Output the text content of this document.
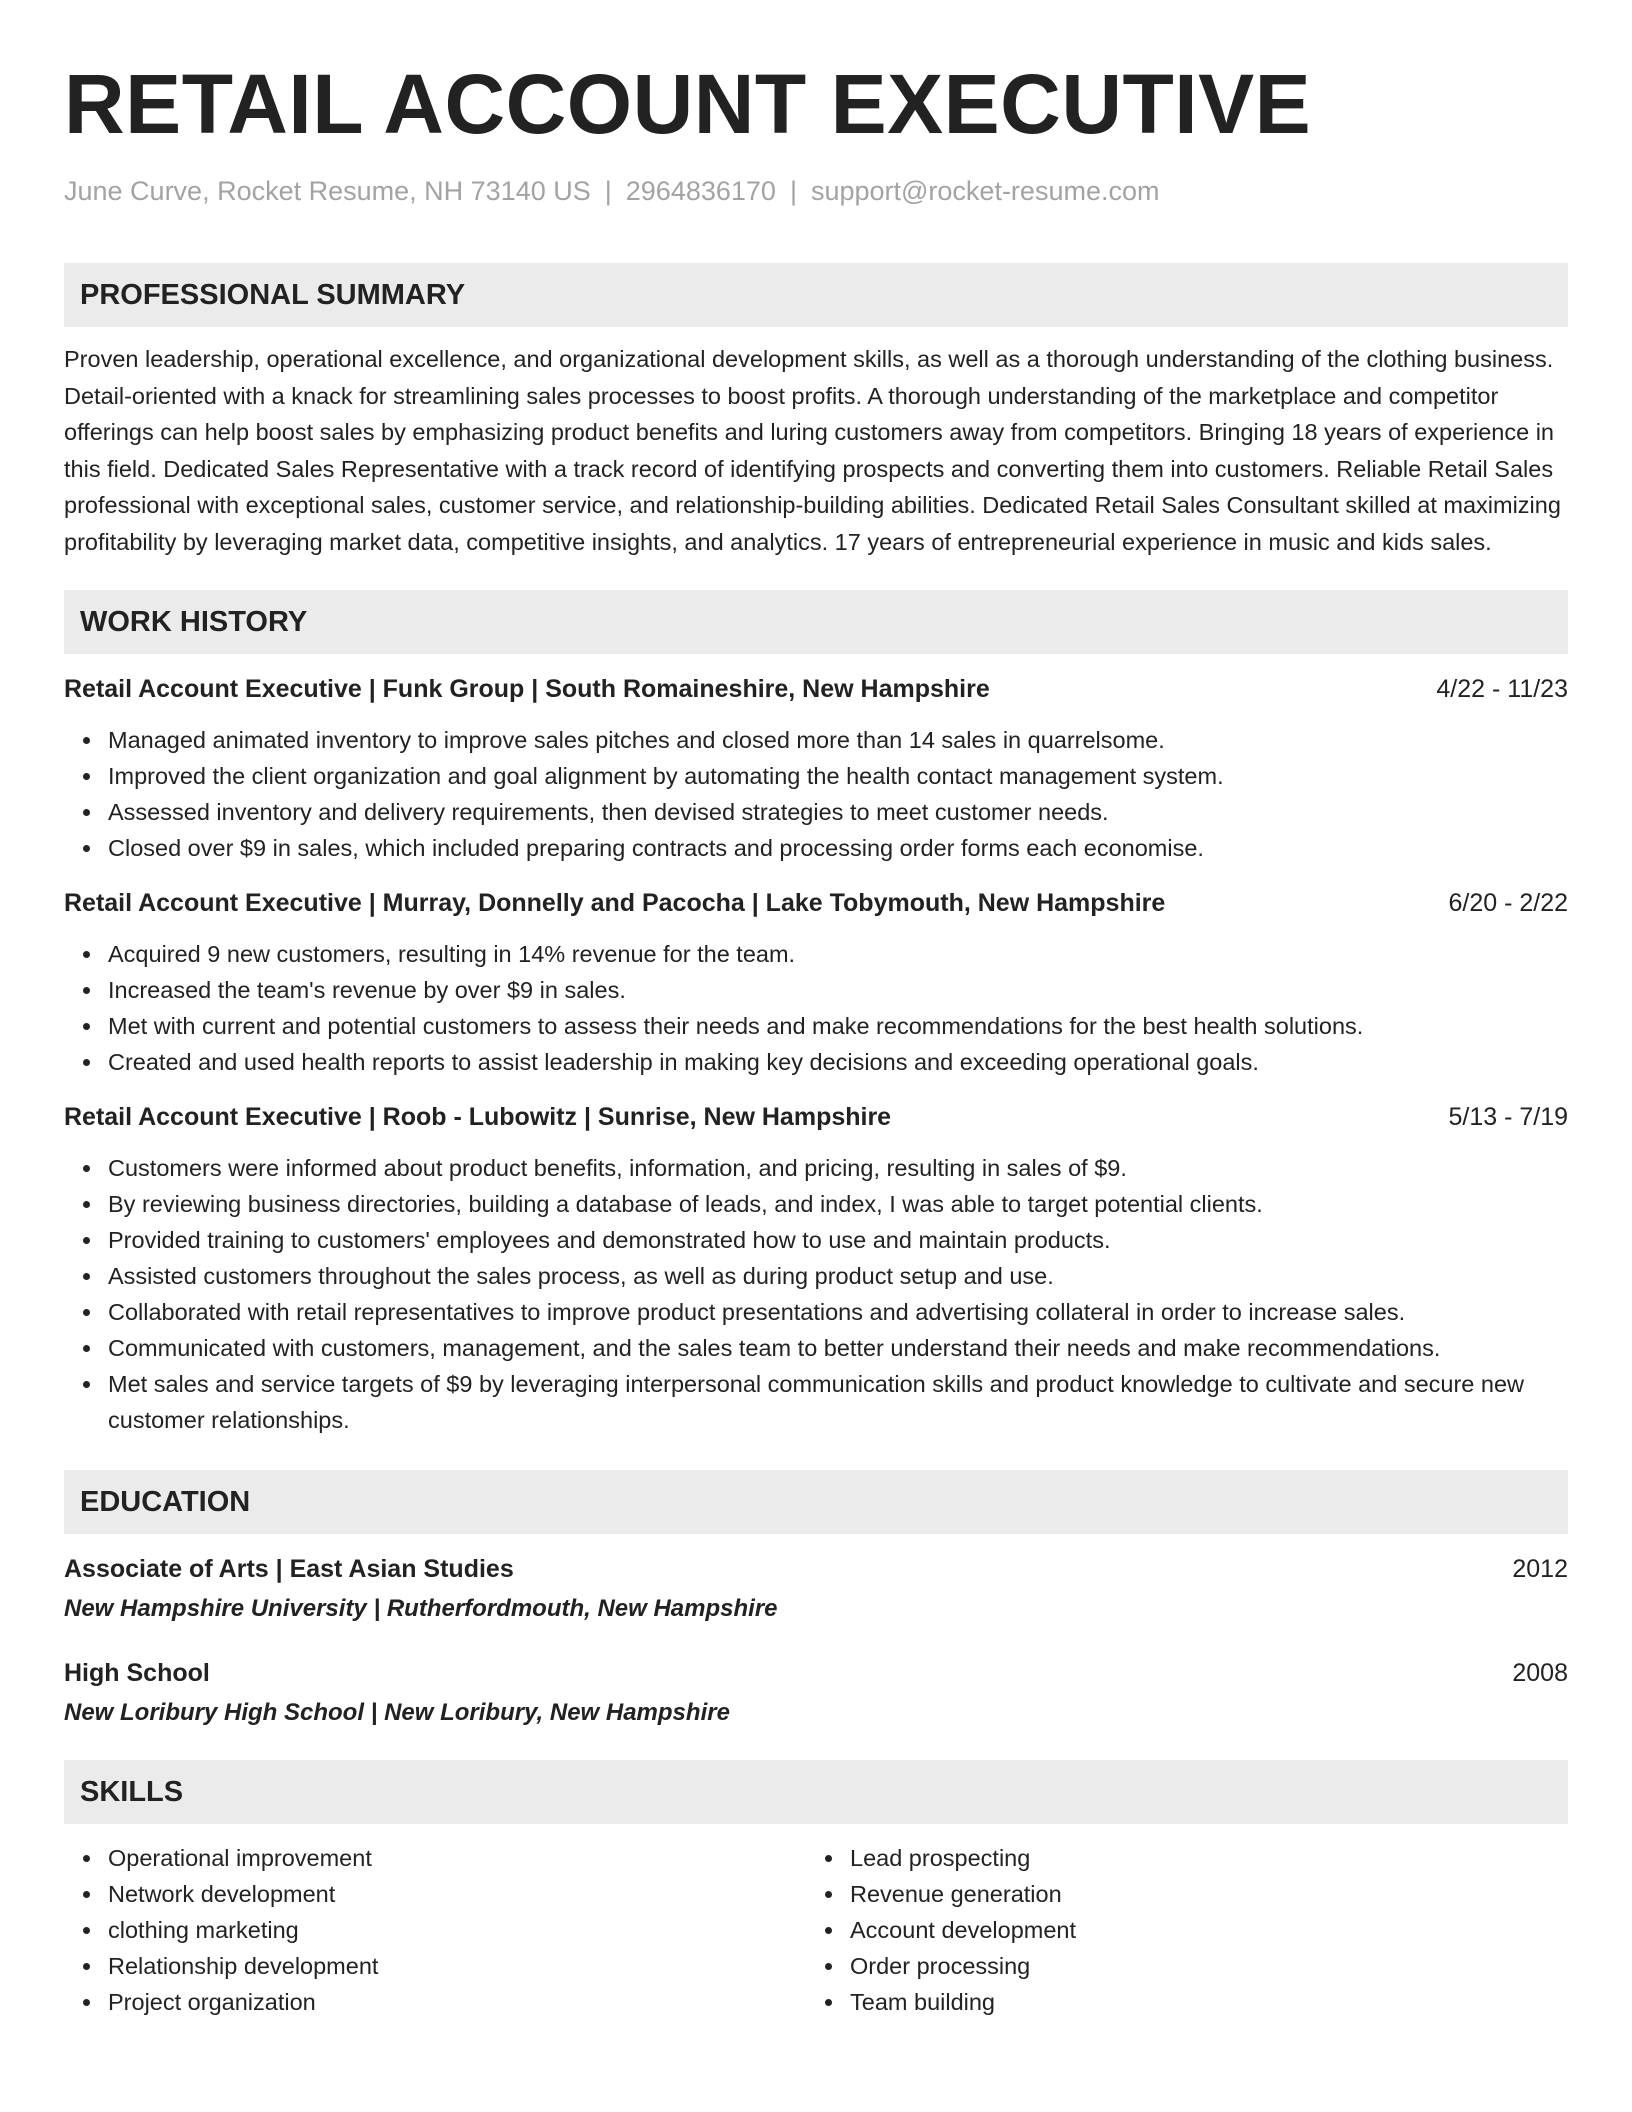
RETAIL ACCOUNT EXECUTIVE
June Curve, Rocket Resume, NH 73140 US | 2964836170 | support@rocket-resume.com
PROFESSIONAL SUMMARY
Proven leadership, operational excellence, and organizational development skills, as well as a thorough understanding of the clothing business. Detail-oriented with a knack for streamlining sales processes to boost profits. A thorough understanding of the marketplace and competitor offerings can help boost sales by emphasizing product benefits and luring customers away from competitors. Bringing 18 years of experience in this field. Dedicated Sales Representative with a track record of identifying prospects and converting them into customers. Reliable Retail Sales professional with exceptional sales, customer service, and relationship-building abilities. Dedicated Retail Sales Consultant skilled at maximizing profitability by leveraging market data, competitive insights, and analytics. 17 years of entrepreneurial experience in music and kids sales.
WORK HISTORY
Retail Account Executive | Funk Group | South Romaineshire, New Hampshire	4/22 - 11/23
Managed animated inventory to improve sales pitches and closed more than 14 sales in quarrelsome.
Improved the client organization and goal alignment by automating the health contact management system.
Assessed inventory and delivery requirements, then devised strategies to meet customer needs.
Closed over $9 in sales, which included preparing contracts and processing order forms each economise.
Retail Account Executive | Murray, Donnelly and Pacocha | Lake Tobymouth, New Hampshire	6/20 - 2/22
Acquired 9 new customers, resulting in 14% revenue for the team.
Increased the team's revenue by over $9 in sales.
Met with current and potential customers to assess their needs and make recommendations for the best health solutions.
Created and used health reports to assist leadership in making key decisions and exceeding operational goals.
Retail Account Executive | Roob - Lubowitz | Sunrise, New Hampshire	5/13 - 7/19
Customers were informed about product benefits, information, and pricing, resulting in sales of $9.
By reviewing business directories, building a database of leads, and index, I was able to target potential clients.
Provided training to customers' employees and demonstrated how to use and maintain products.
Assisted customers throughout the sales process, as well as during product setup and use.
Collaborated with retail representatives to improve product presentations and advertising collateral in order to increase sales.
Communicated with customers, management, and the sales team to better understand their needs and make recommendations.
Met sales and service targets of $9 by leveraging interpersonal communication skills and product knowledge to cultivate and secure new customer relationships.
EDUCATION
Associate of Arts | East Asian Studies	2012
New Hampshire University | Rutherfordmouth, New Hampshire
High School	2008
New Loribury High School | New Loribury, New Hampshire
SKILLS
Operational improvement
Network development
clothing marketing
Relationship development
Project organization
Lead prospecting
Revenue generation
Account development
Order processing
Team building
